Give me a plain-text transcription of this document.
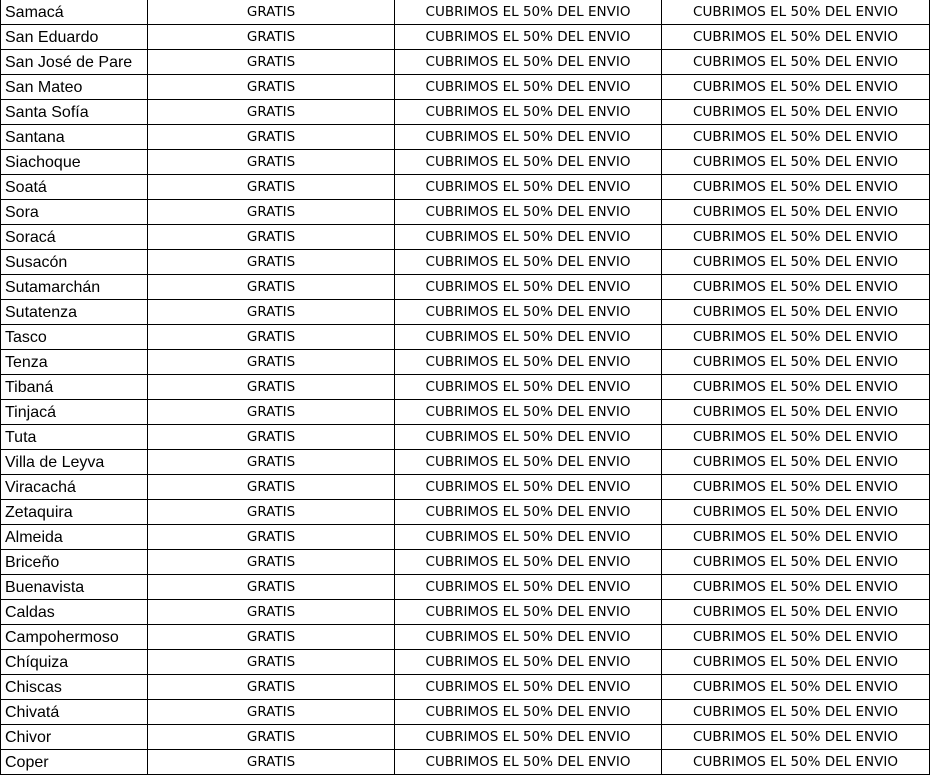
Samacá	GRATIS	CUBRIMOS EL 50% DEL ENVIO	CUBRIMOS EL 50% DEL ENVIO
San Eduardo	GRATIS	CUBRIMOS EL 50% DEL ENVIO	CUBRIMOS EL 50% DEL ENVIO
San José de Pare	GRATIS	CUBRIMOS EL 50% DEL ENVIO	CUBRIMOS EL 50% DEL ENVIO
San Mateo	GRATIS	CUBRIMOS EL 50% DEL ENVIO	CUBRIMOS EL 50% DEL ENVIO
Santa Sofía	GRATIS	CUBRIMOS EL 50% DEL ENVIO	CUBRIMOS EL 50% DEL ENVIO
Santana	GRATIS	CUBRIMOS EL 50% DEL ENVIO	CUBRIMOS EL 50% DEL ENVIO
Siachoque	GRATIS	CUBRIMOS EL 50% DEL ENVIO	CUBRIMOS EL 50% DEL ENVIO
Soatá	GRATIS	CUBRIMOS EL 50% DEL ENVIO	CUBRIMOS EL 50% DEL ENVIO
Sora	GRATIS	CUBRIMOS EL 50% DEL ENVIO	CUBRIMOS EL 50% DEL ENVIO
Soracá	GRATIS	CUBRIMOS EL 50% DEL ENVIO	CUBRIMOS EL 50% DEL ENVIO
Susacón	GRATIS	CUBRIMOS EL 50% DEL ENVIO	CUBRIMOS EL 50% DEL ENVIO
Sutamarchán	GRATIS	CUBRIMOS EL 50% DEL ENVIO	CUBRIMOS EL 50% DEL ENVIO
Sutatenza	GRATIS	CUBRIMOS EL 50% DEL ENVIO	CUBRIMOS EL 50% DEL ENVIO
Tasco	GRATIS	CUBRIMOS EL 50% DEL ENVIO	CUBRIMOS EL 50% DEL ENVIO
Tenza	GRATIS	CUBRIMOS EL 50% DEL ENVIO	CUBRIMOS EL 50% DEL ENVIO
Tibaná	GRATIS	CUBRIMOS EL 50% DEL ENVIO	CUBRIMOS EL 50% DEL ENVIO
Tinjacá	GRATIS	CUBRIMOS EL 50% DEL ENVIO	CUBRIMOS EL 50% DEL ENVIO
Tuta	GRATIS	CUBRIMOS EL 50% DEL ENVIO	CUBRIMOS EL 50% DEL ENVIO
Villa de Leyva	GRATIS	CUBRIMOS EL 50% DEL ENVIO	CUBRIMOS EL 50% DEL ENVIO
Viracachá	GRATIS	CUBRIMOS EL 50% DEL ENVIO	CUBRIMOS EL 50% DEL ENVIO
Zetaquira	GRATIS	CUBRIMOS EL 50% DEL ENVIO	CUBRIMOS EL 50% DEL ENVIO
Almeida	GRATIS	CUBRIMOS EL 50% DEL ENVIO	CUBRIMOS EL 50% DEL ENVIO
Briceño	GRATIS	CUBRIMOS EL 50% DEL ENVIO	CUBRIMOS EL 50% DEL ENVIO
Buenavista	GRATIS	CUBRIMOS EL 50% DEL ENVIO	CUBRIMOS EL 50% DEL ENVIO
Caldas	GRATIS	CUBRIMOS EL 50% DEL ENVIO	CUBRIMOS EL 50% DEL ENVIO
Campohermoso	GRATIS	CUBRIMOS EL 50% DEL ENVIO	CUBRIMOS EL 50% DEL ENVIO
Chíquiza	GRATIS	CUBRIMOS EL 50% DEL ENVIO	CUBRIMOS EL 50% DEL ENVIO
Chiscas	GRATIS	CUBRIMOS EL 50% DEL ENVIO	CUBRIMOS EL 50% DEL ENVIO
Chivatá	GRATIS	CUBRIMOS EL 50% DEL ENVIO	CUBRIMOS EL 50% DEL ENVIO
Chivor	GRATIS	CUBRIMOS EL 50% DEL ENVIO	CUBRIMOS EL 50% DEL ENVIO
Coper	GRATIS	CUBRIMOS EL 50% DEL ENVIO	CUBRIMOS EL 50% DEL ENVIO
